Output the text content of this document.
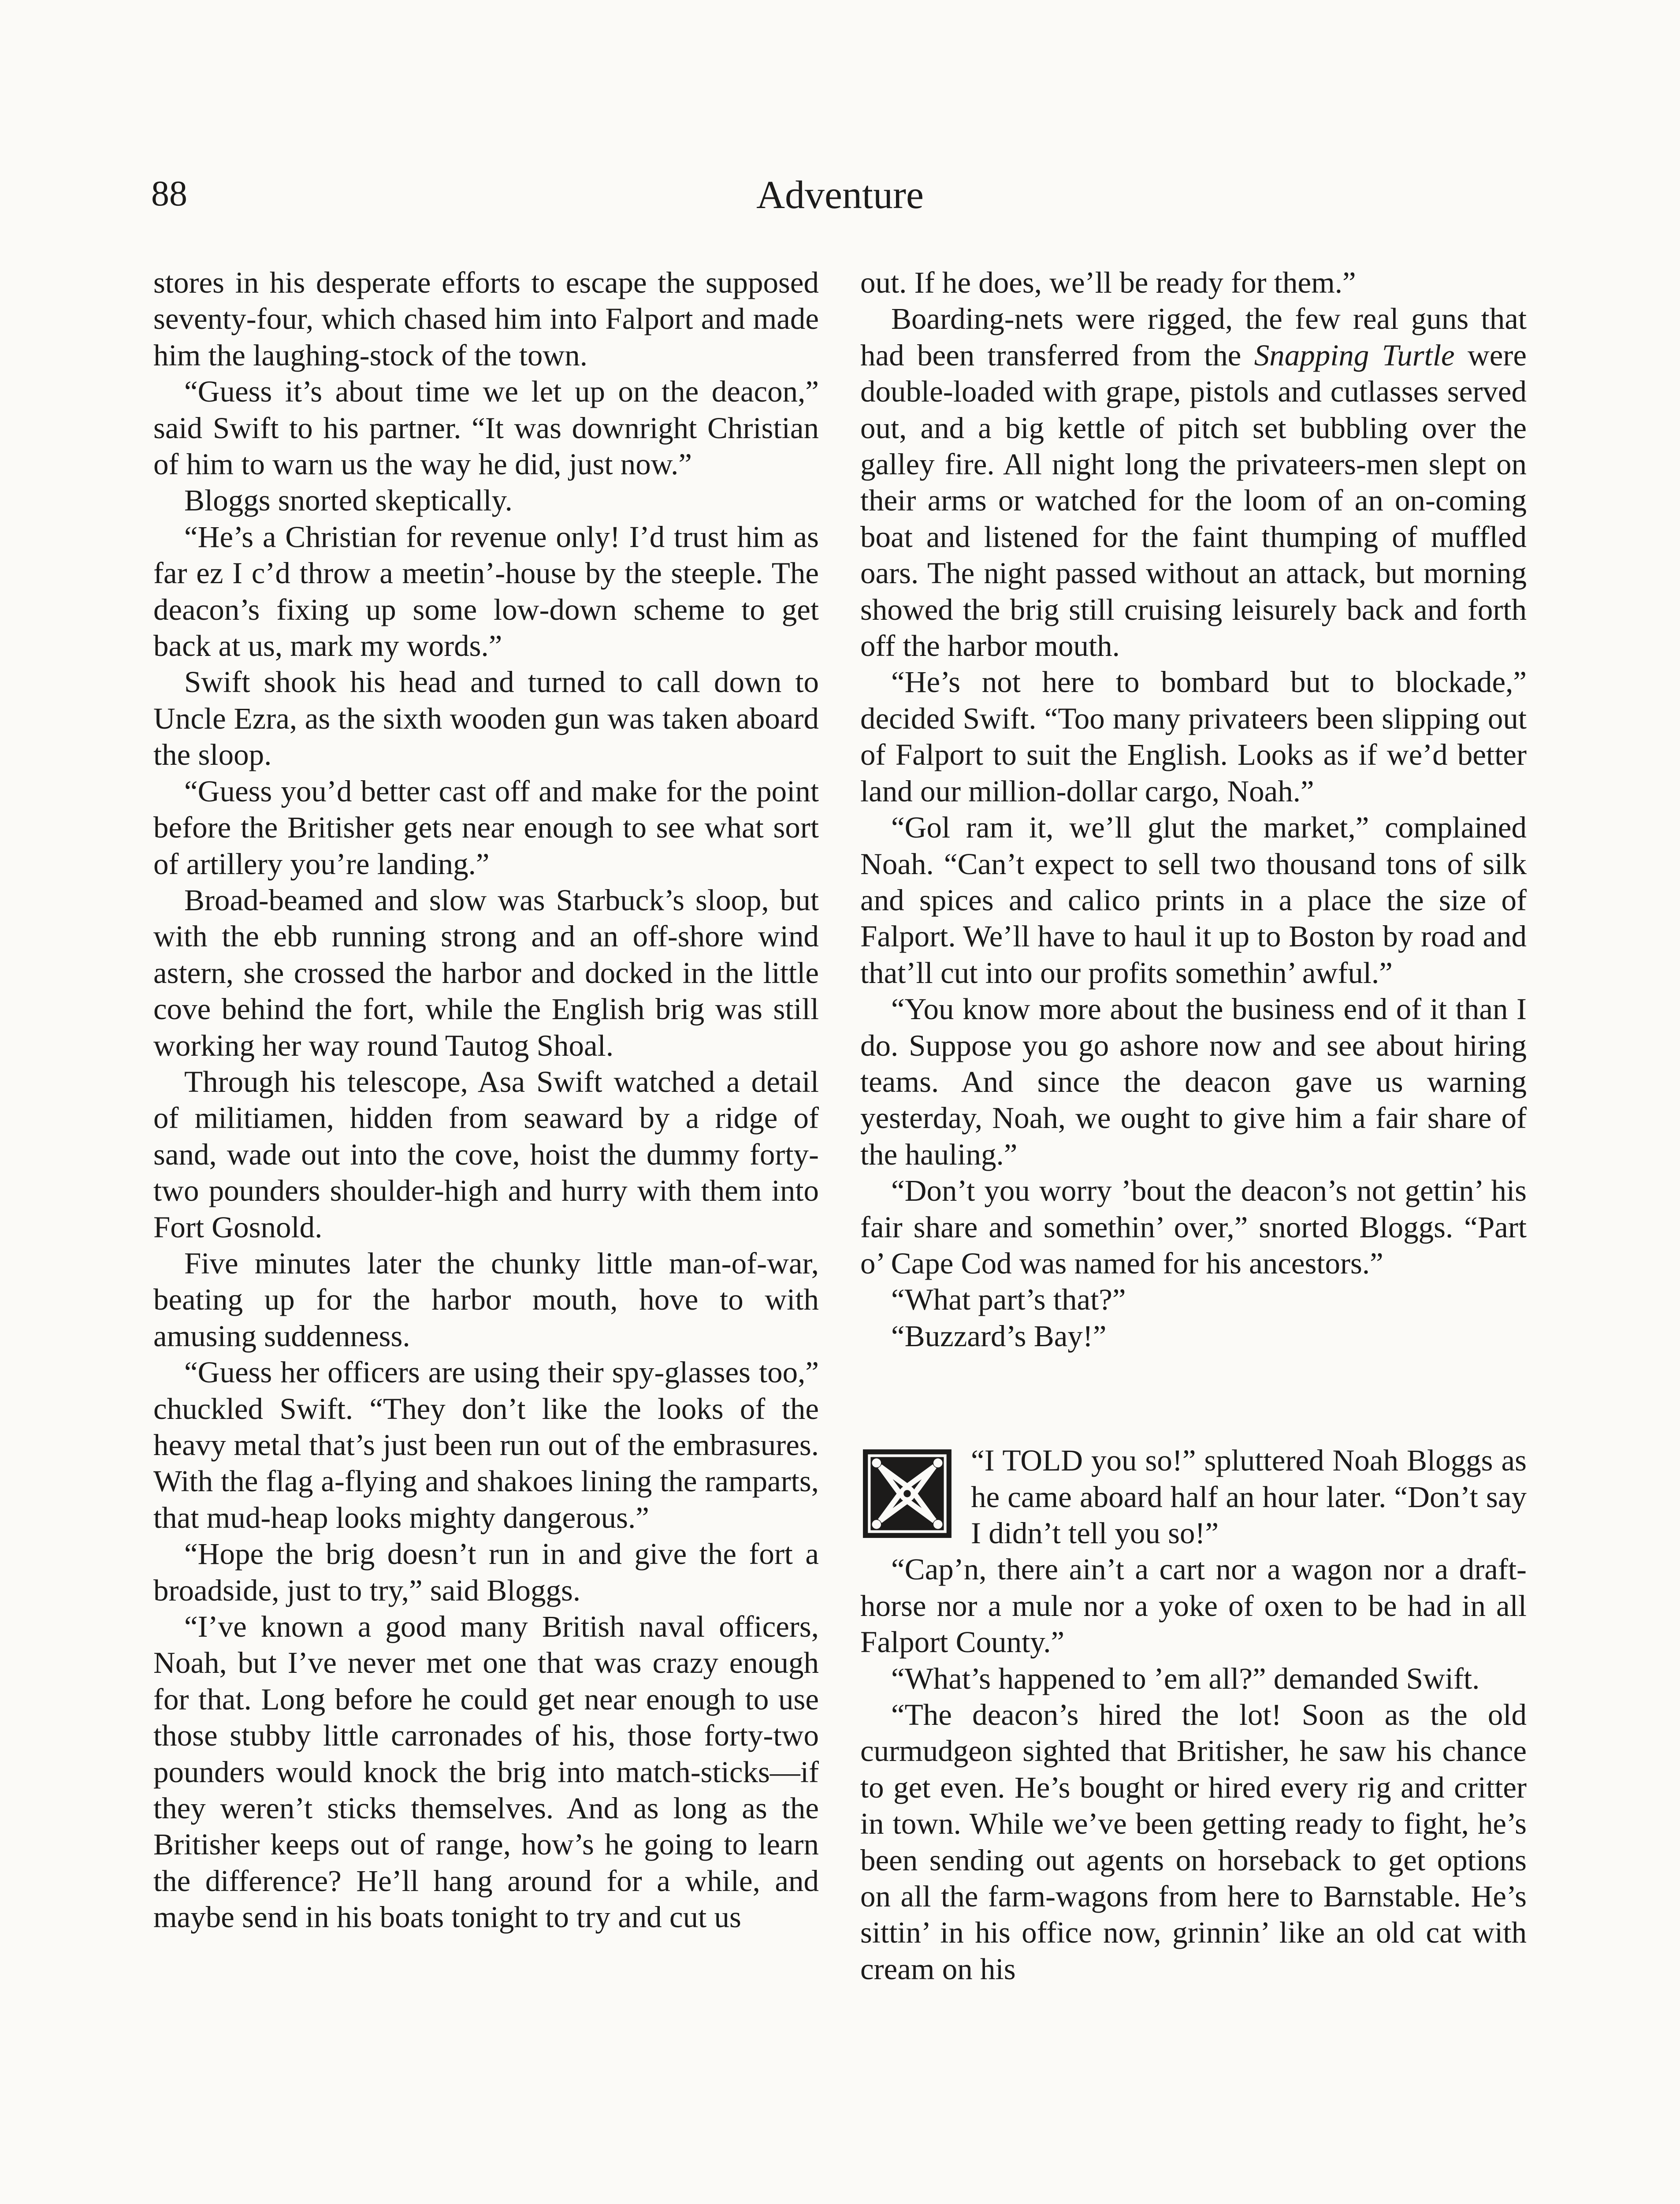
88	Adventure

stores in his desperate efforts to escape the supposed seventy-four, which chased him into Falport and made him the laughing-stock of the town.

“Guess it’s about time we let up on the deacon,” said Swift to his partner. “It was downright Christian of him to warn us the way he did, just now.”

Bloggs snorted skeptically.

“He’s a Christian for revenue only! I’d trust him as far ez I c’d throw a meetin’-house by the steeple. The deacon’s fixing up some low-down scheme to get back at us, mark my words.”

Swift shook his head and turned to call down to Uncle Ezra, as the sixth wooden gun was taken aboard the sloop.

“Guess you’d better cast off and make for the point before the Britisher gets near enough to see what sort of artillery you’re landing.”

Broad-beamed and slow was Starbuck’s sloop, but with the ebb running strong and an off-shore wind astern, she crossed the harbor and docked in the little cove behind the fort, while the English brig was still working her way round Tautog Shoal.

Through his telescope, Asa Swift watched a detail of militiamen, hidden from seaward by a ridge of sand, wade out into the cove, hoist the dummy forty-two pounders shoulder-high and hurry with them into Fort Gosnold.

Five minutes later the chunky little man-of-war, beating up for the harbor mouth, hove to with amusing suddenness.

“Guess her officers are using their spy-glasses too,” chuckled Swift. “They don’t like the looks of the heavy metal that’s just been run out of the embrasures. With the flag a-flying and shakoes lining the ramparts, that mud-heap looks mighty dangerous.”

“Hope the brig doesn’t run in and give the fort a broadside, just to try,” said Bloggs.

“I’ve known a good many British naval officers, Noah, but I’ve never met one that was crazy enough for that. Long before he could get near enough to use those stubby little carronades of his, those forty-two pounders would knock the brig into match-sticks—if they weren’t sticks themselves. And as long as the Britisher keeps out of range, how’s he going to learn the difference? He’ll hang around for a while, and maybe send in his boats tonight to try and cut us

out. If he does, we’ll be ready for them.”

Boarding-nets were rigged, the few real guns that had been transferred from the Snapping Turtle were double-loaded with grape, pistols and cutlasses served out, and a big kettle of pitch set bubbling over the galley fire. All night long the privateers-men slept on their arms or watched for the loom of an on-coming boat and listened for the faint thumping of muffled oars. The night passed without an attack, but morning showed the brig still cruising leisurely back and forth off the harbor mouth.

“He’s not here to bombard but to blockade,” decided Swift. “Too many privateers been slipping out of Falport to suit the English. Looks as if we’d better land our million-dollar cargo, Noah.”

“Gol ram it, we’ll glut the market,” complained Noah. “Can’t expect to sell two thousand tons of silk and spices and calico prints in a place the size of Falport. We’ll have to haul it up to Boston by road and that’ll cut into our profits somethin’ awful.”

“You know more about the business end of it than I do. Suppose you go ashore now and see about hiring teams. And since the deacon gave us warning yesterday, Noah, we ought to give him a fair share of the hauling.”

“Don’t you worry ’bout the deacon’s not gettin’ his fair share and somethin’ over,” snorted Bloggs. “Part o’ Cape Cod was named for his ancestors.”

“What part’s that?”

“Buzzard’s Bay!”

“I TOLD you so!” spluttered Noah Bloggs as he came aboard half an hour later. “Don’t say I didn’t tell you so!”

“Cap’n, there ain’t a cart nor a wagon nor a draft-horse nor a mule nor a yoke of oxen to be had in all Falport County.”

“What’s happened to ’em all?” demanded Swift.

“The deacon’s hired the lot! Soon as the old curmudgeon sighted that Britisher, he saw his chance to get even. He’s bought or hired every rig and critter in town. While we’ve been getting ready to fight, he’s been sending out agents on horseback to get options on all the farm-wagons from here to Barnstable. He’s sittin’ in his office now, grinnin’ like an old cat with cream on his
